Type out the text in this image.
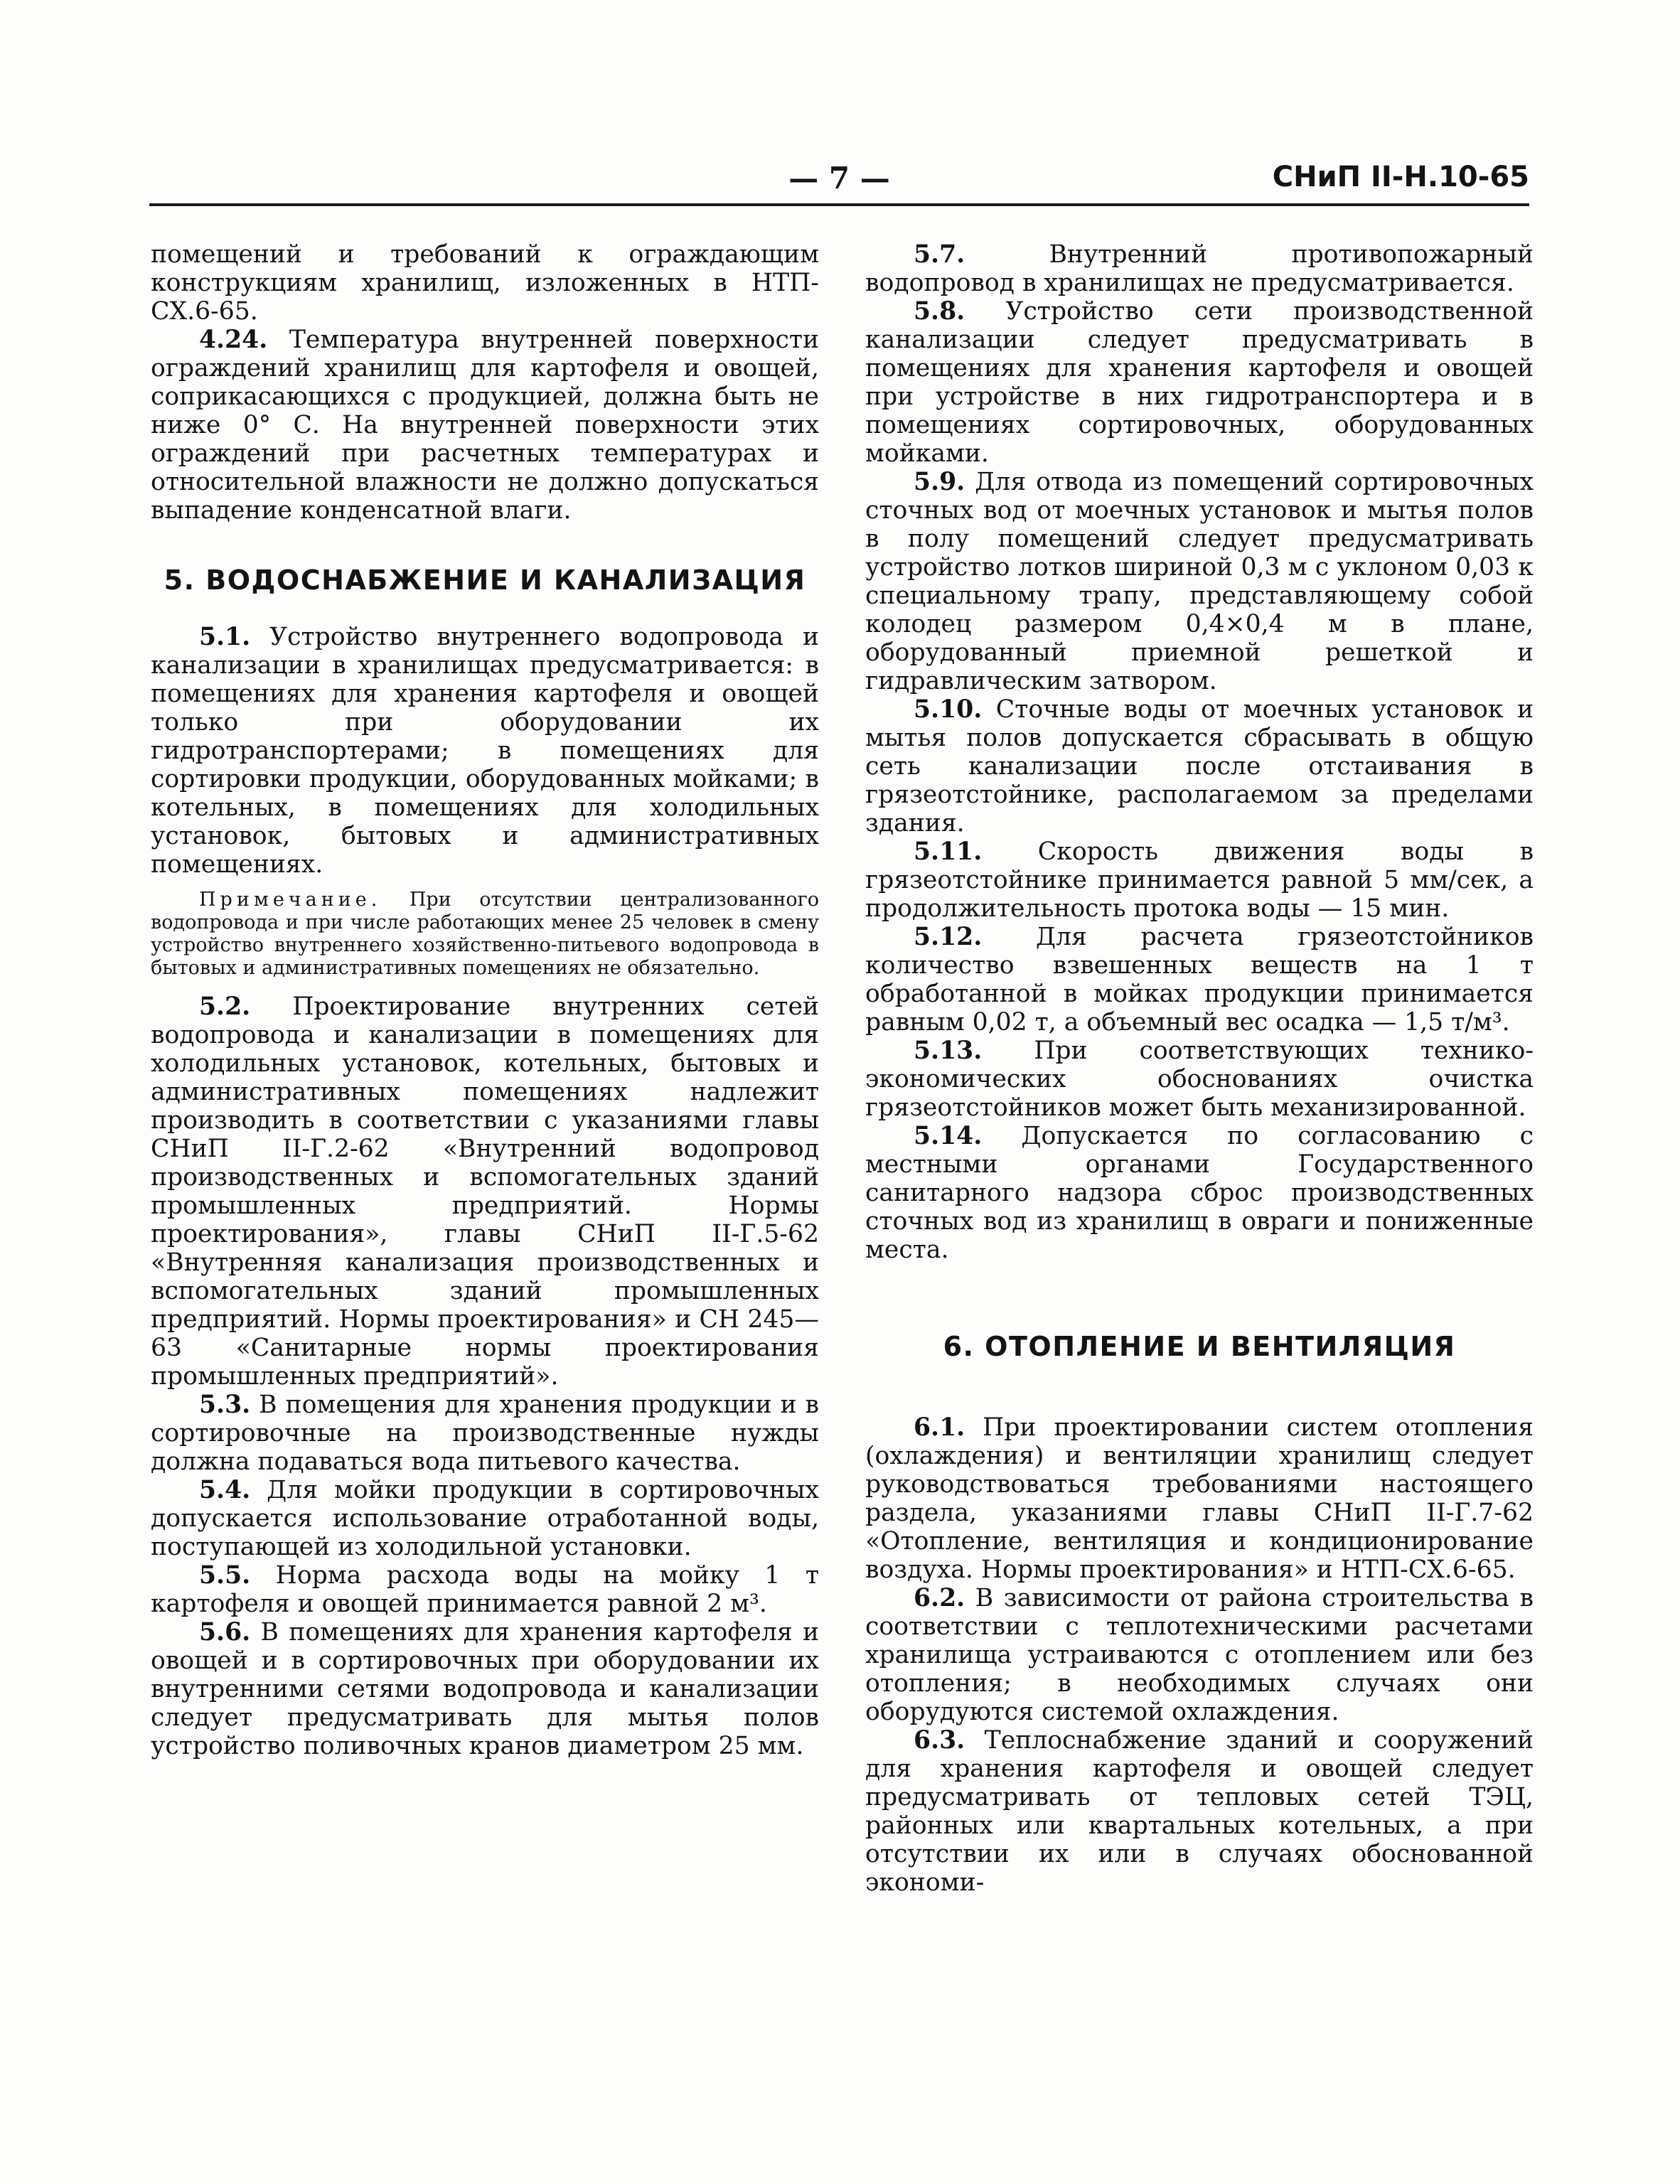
— 7 —	СНиП II-Н.10-65

помещений и требований к ограждающим конструкциям хранилищ, изложенных в НТП-СХ.6-65.

4.24. Температура внутренней поверхности ограждений хранилищ для картофеля и овощей, соприкасающихся с продукцией, должна быть не ниже 0° С. На внутренней поверхности этих ограждений при расчетных температурах и относительной влажности не должно допускаться выпадение конденсатной влаги.

5. ВОДОСНАБЖЕНИЕ И КАНАЛИЗАЦИЯ

5.1. Устройство внутреннего водопровода и канализации в хранилищах предусматривается: в помещениях для хранения картофеля и овощей только при оборудовании их гидротранспортерами; в помещениях для сортировки продукции, оборудованных мойками; в котельных, в помещениях для холодильных установок, бытовых и административных помещениях.

Примечание. При отсутствии централизованного водопровода и при числе работающих менее 25 человек в смену устройство внутреннего хозяйственно-питьевого водопровода в бытовых и административных помещениях не обязательно.

5.2. Проектирование внутренних сетей водопровода и канализации в помещениях для холодильных установок, котельных, бытовых и административных помещениях надлежит производить в соответствии с указаниями главы СНиП II-Г.2-62 «Внутренний водопровод производственных и вспомогательных зданий промышленных предприятий. Нормы проектирования», главы СНиП II-Г.5-62 «Внутренняя канализация производственных и вспомогательных зданий промышленных предприятий. Нормы проектирования» и СН 245—63 «Санитарные нормы проектирования промышленных предприятий».

5.3. В помещения для хранения продукции и в сортировочные на производственные нужды должна подаваться вода питьевого качества.

5.4. Для мойки продукции в сортировочных допускается использование отработанной воды, поступающей из холодильной установки.

5.5. Норма расхода воды на мойку 1 т картофеля и овощей принимается равной 2 м³.

5.6. В помещениях для хранения картофеля и овощей и в сортировочных при оборудовании их внутренними сетями водопровода и канализации следует предусматривать для мытья полов устройство поливочных кранов диаметром 25 мм.

5.7. Внутренний противопожарный водопровод в хранилищах не предусматривается.

5.8. Устройство сети производственной канализации следует предусматривать в помещениях для хранения картофеля и овощей при устройстве в них гидротранспортера и в помещениях сортировочных, оборудованных мойками.

5.9. Для отвода из помещений сортировочных сточных вод от моечных установок и мытья полов в полу помещений следует предусматривать устройство лотков шириной 0,3 м с уклоном 0,03 к специальному трапу, представляющему собой колодец размером 0,4×0,4 м в плане, оборудованный приемной решеткой и гидравлическим затвором.

5.10. Сточные воды от моечных установок и мытья полов допускается сбрасывать в общую сеть канализации после отстаивания в грязеотстойнике, располагаемом за пределами здания.

5.11. Скорость движения воды в грязеотстойнике принимается равной 5 мм/сек, а продолжительность протока воды — 15 мин.

5.12. Для расчета грязеотстойников количество взвешенных веществ на 1 т обработанной в мойках продукции принимается равным 0,02 т, а объемный вес осадка — 1,5 т/м³.

5.13. При соответствующих технико-экономических обоснованиях очистка грязеотстойников может быть механизированной.

5.14. Допускается по согласованию с местными органами Государственного санитарного надзора сброс производственных сточных вод из хранилищ в овраги и пониженные места.

6. ОТОПЛЕНИЕ И ВЕНТИЛЯЦИЯ

6.1. При проектировании систем отопления (охлаждения) и вентиляции хранилищ следует руководствоваться требованиями настоящего раздела, указаниями главы СНиП II-Г.7-62 «Отопление, вентиляция и кондиционирование воздуха. Нормы проектирования» и НТП-СХ.6-65.

6.2. В зависимости от района строительства в соответствии с теплотехническими расчетами хранилища устраиваются с отоплением или без отопления; в необходимых случаях они оборудуются системой охлаждения.

6.3. Теплоснабжение зданий и сооружений для хранения картофеля и овощей следует предусматривать от тепловых сетей ТЭЦ, районных или квартальных котельных, а при отсутствии их или в случаях обоснованной экономи-
